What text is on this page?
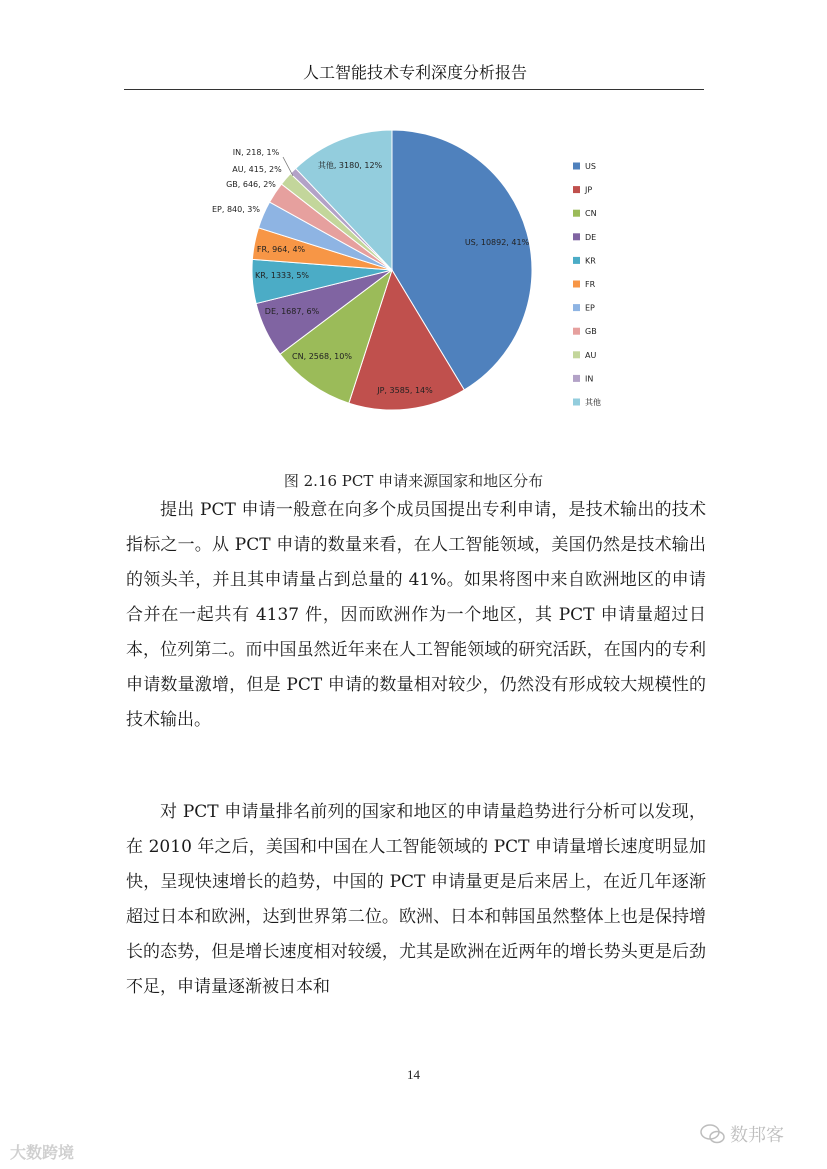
人工智能技术专利深度分析报告
US, 10892, 41%
JP, 3585, 14%
CN, 2568, 10%
DE, 1687, 6%
KR, 1333, 5%
FR, 964, 4%
EP, 840, 3%
GB, 646, 2%
AU, 415, 2%
IN, 218, 1%
其他, 3180, 12%	US
JP
CN
DE
KR
FR
EP
GB
AU
IN
其他
图 2.16 PCT 申请来源国家和地区分布

提出 PCT 申请一般意在向多个成员国提出专利申请，是技术输出的技术指标之一。从 PCT 申请的数量来看，在人工智能领域，美国仍然是技术输出的领头羊，并且其申请量占到总量的 41%。如果将图中来自欧洲地区的申请合并在一起共有 4137 件，因而欧洲作为一个地区，其 PCT 申请量超过日本，位列第二。而中国虽然近年来在人工智能领域的研究活跃，在国内的专利申请数量激增，但是 PCT 申请的数量相对较少，仍然没有形成较大规模性的技术输出。

对 PCT 申请量排名前列的国家和地区的申请量趋势进行分析可以发现，在 2010 年之后，美国和中国在人工智能领域的 PCT 申请量增长速度明显加快，呈现快速增长的趋势，中国的 PCT 申请量更是后来居上，在近几年逐渐超过日本和欧洲，达到世界第二位。欧洲、日本和韩国虽然整体上也是保持增长的态势，但是增长速度相对较缓，尤其是欧洲在近两年的增长势头更是后劲不足，申请量逐渐被日本和

14
大数跨境
数邦客
